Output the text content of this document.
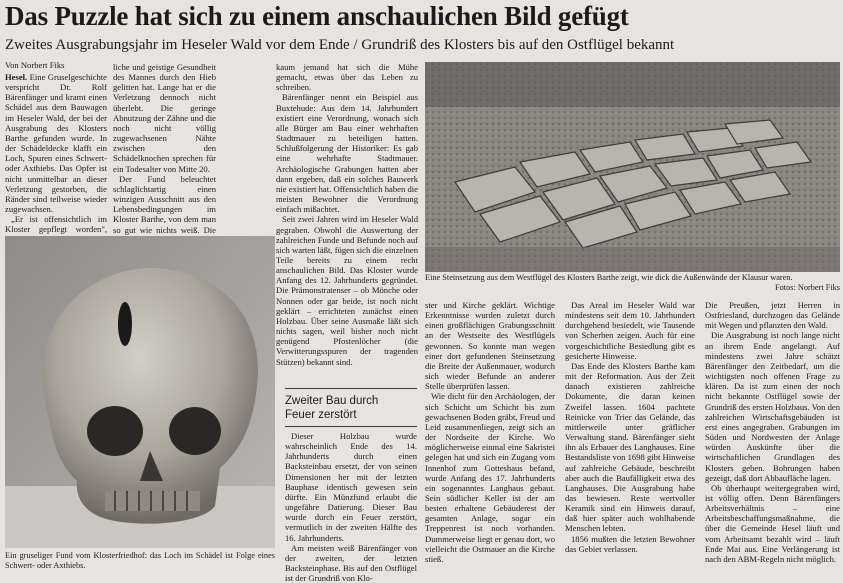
Das Puzzle hat sich zu einem anschaulichen Bild gefügt
Zweites Ausgrabungsjahr im Heseler Wald vor dem Ende / Grundriß des Klosters bis auf den Ostflügel bekannt
Von Norbert Fiks

Hesel. Eine Gruselgeschichte verspricht Dr. Rolf Bärenfänger und kramt einen Schädel aus dem Bauwagen im Heseler Wald, der bei der Ausgrabung des Klosters Barthe gefunden wurde. In der Schädeldecke klafft ein Loch, Spuren eines Schwert- oder Axthiebs. Das Opfer ist nicht unmittelbar an dieser Verletzung gestorben, die Ränder sind teilweise wieder zugewachsen.

„Er ist offensichtlich im Kloster gepflegt worden",

liche und geistige Gesundheit des Mannes durch den Hieb gelitten hat. Lange hat er die Verletzung dennoch nicht überlebt. Die geringe Abnutzung der Zähne und die noch nicht völlig zugewachsenen Nähte zwischen den Schädelknochen sprechen für ein Todesalter von Mitte 20.

Der Fund beleuchtet schlaglichtartig einen winzigen Ausschnitt aus den Lebensbedingungen im Kloster Barthe, von dem man so gut wie nichts weiß. Die

kaum jemand hat sich die Mühe gemacht, etwas über das Leben zu schreiben.

Bärenfänger nennt ein Beispiel aus Buxtehude: Aus dem 14. Jahrhundert existiert eine Verordnung, wonach sich alle Bürger am Bau einer wehrhaften Stadtmauer zu beteiligen hatten. Schlußfolgerung der Historiker: Es gab eine wehrhafte Stadtmauer. Archäologische Grabungen hatten aber dann ergeben, daß ein solches Bauwerk nie existiert hat. Offensichtlich haben die meisten Bewohner die Verordnung einfach mißachtet.

Seit zwei Jahren wird im Heseler Wald gegraben. Obwohl die Auswertung der zahlreichen Funde und Befunde noch auf sich warten läßt, fügen sich die einzelnen Teile bereits zu einem recht anschaulichen Bild. Das Kloster wurde Anfang des 12. Jahrhunderts gegründet. Die Prämonstratenser – ob Mönche oder Nonnen oder gar beide, ist noch nicht geklärt – errichteten zunächst einen Holzbau. Über seine Ausmaße läßt sich nichts sagen, weil bisher noch nicht genügend Pfostenlöcher (die Verwitterungsspuren der tragenden Stützen) bekannt sind.

Ein gruseliger Fund vom Klosterfriedhof: das Loch im Schädel ist Folge eines Schwert- oder Axthiebs.
Eine Steinsetzung aus dem Westflügel des Klosters Barthe zeigt, wie dick die Außenwände der Klausur waren.
Fotos: Norbert Fiks
Zweiter Bau durch
Feuer zerstört

Dieser Holzbau wurde wahrscheinlich Ende des 14. Jahrhunderts durch einen Backsteinbau ersetzt, der von seinen Dimensionen her mit der letzten Bauphase identisch gewesen sein dürfte. Ein Münzfund erlaubt die ungefähre Datierung. Dieser Bau wurde durch ein Feuer zerstört, vermutlich in der zweiten Hälfte des 16. Jahrhunderts.

Am meisten weiß Bärenfänger von der zweiten, der letzten Backsteinphase. Bis auf den Ostflügel ist der Grundriß von Klo-

ster und Kirche geklärt. Wichtige Erkenntnisse wurden zuletzt durch einen großflächigen Grabungsschnitt an der Westseite des Westflügels gewonnen. So konnte man wegen einer dort gefundenen Steinsetzung die Breite der Außenmauer, wodurch sich wieder Befunde an anderer Stelle überprüfen lassen.

Wie dicht für den Archäologen, der sich Schicht um Schicht bis zum gewachsenen Boden gräbt, Freud und Leid zusammenliegen, zeigt sich an der Nordseite der Kirche. Wo möglicherweise einmal eine Sakristei gelegen hat und sich ein Zugang vom Innenhof zum Gotteshaus befand, wurde Anfang des 17. Jahrhunderts ein sogenanntes Langhaus gebaut. Sein südlicher Keller ist der am besten erhaltene Gebäuderest der gesamten Anlage, sogar ein Treppenrest ist noch vorhanden. Dummerweise liegt er genau dort, wo vielleicht die Ostmauer an die Kirche stieß.

Das Areal im Heseler Wald war mindestens seit dem 10. Jahrhundert durchgehend besiedelt, wie Tausende von Scherben zeigen. Auch für eine vorgeschichtliche Besiedlung gibt es gesicherte Hinweise.

Das Ende des Klosters Barthe kam mit der Reformation. Aus der Zeit danach existieren zahlreiche Dokumente, die daran keinen Zweifel lassen. 1604 pachtete Reinicke von Trier das Gelände, das mittlerweile unter gräflicher Verwaltung stand. Bärenfänger sieht ihn als Erbauer des Langhauses. Eine Bestandsliste von 1698 gibt Hinweise auf zahlreiche Gebäude, beschreibt aber auch die Baufälligkeit etwa des Langhauses. Die Ausgrabung habe das bewiesen. Reste wertvoller Keramik sind ein Hinweis darauf, daß hier später auch wohlhabende Menschen lebten.

1856 mußten die letzten Bewohner das Gebiet verlassen.

Die Preußen, jetzt Herren in Ostfriesland, durchzogen das Gelände mit Wegen und pflanzten den Wald.

Die Ausgrabung ist noch lange nicht an ihrem Ende angelangt. Auf mindestens zwei Jahre schätzt Bärenfänger den Zeitbedarf, um die wichtigsten noch offenen Frage zu klären. Da ist zum einen der noch nicht bekannte Ostflügel sowie der Grundriß des ersten Holzbaus. Von den zahlreichen Wirtschaftsgebäuden ist erst eines angegraben. Grabungen im Süden und Nordwesten der Anlage würden Auskünfte über die wirtschaftlichen Grundlagen des Klosters geben. Bohrungen haben gezeigt, daß dort Abbaufläche lagen.

Ob überhaupt weitergegraben wird, ist völlig offen. Denn Bärenfängers Arbeitsverhältnis – eine Arbeitsbeschaffungsmaßnahme, die über die Gemeinde Hesel läuft und vom Arbeitsamt bezahlt wird – läuft Ende Mai aus. Eine Verlängerung ist nach den ABM-Regeln nicht möglich.
